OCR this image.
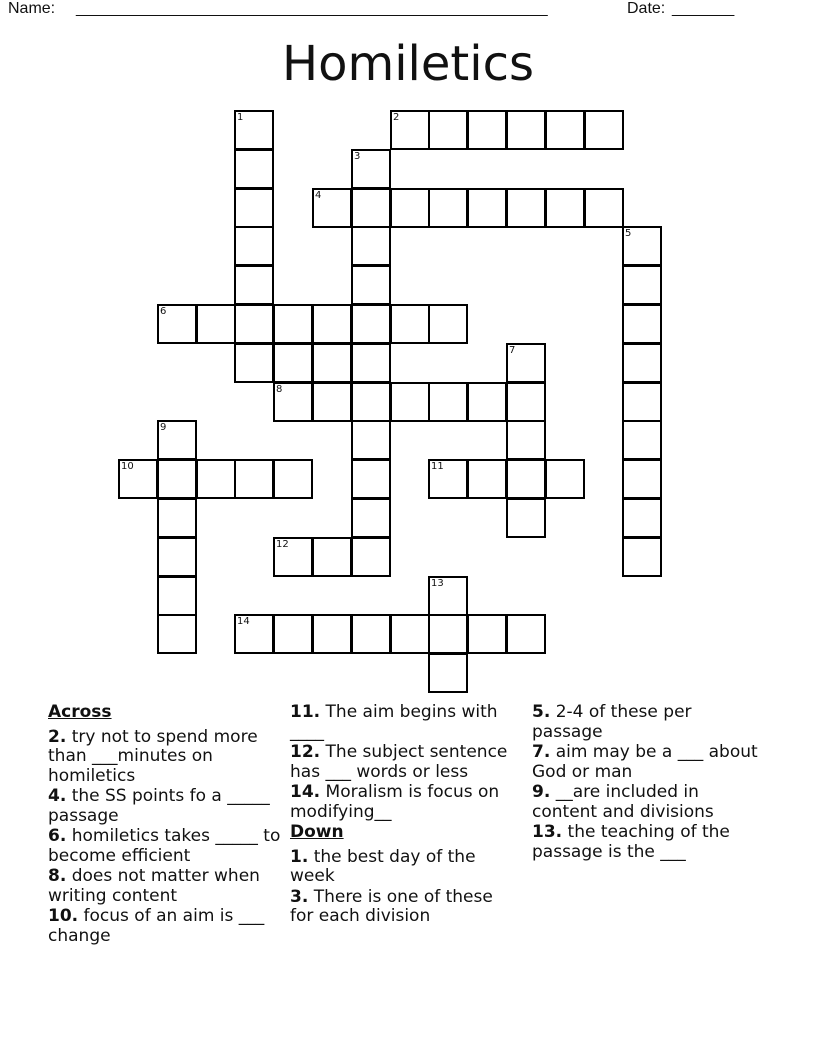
Name: _____________________________________________________	Date: _______
Homiletics
1	2
3
4
5
6
7
8
9
10	11
12
13
14
Across
2. try not to spend more than ___minutes on homiletics
4. the SS points fo a _____ passage
6. homiletics takes _____ to become efficient
8. does not matter when writing content
10. focus of an aim is ___ change
11. The aim begins with ____
12. The subject sentence has ___ words or less
14. Moralism is focus on modifying__
Down
1. the best day of the week
3. There is one of these for each division
5. 2-4 of these per passage
7. aim may be a ___ about God or man
9. __are included in content and divisions
13. the teaching of the passage is the ___
